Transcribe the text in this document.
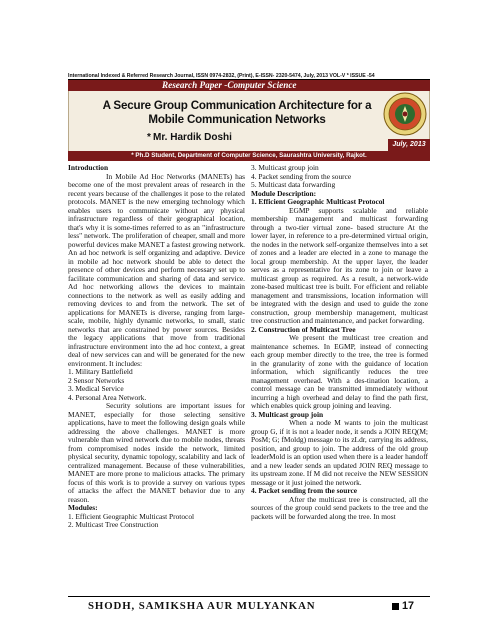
International Indexed & Referred Research Journal, ISSN 0974-2832, (Print), E-ISSN- 2320-5474, July, 2013 VOL-V * ISSUE -54
Research Paper -Computer Science
A Secure Group Communication Architecture for a Mobile Communication Networks
* Mr. Hardik Doshi
July, 2013
* Ph.D Student, Department of Computer Science, Saurashtra University, Rajkot.

Introduction

In Mobile Ad Hoc Networks (MANETs) has become one of the most prevalent areas of research in the recent years because of the challenges it pose to the related protocols. MANET is the new emerging technology which enables users to communicate without any physical infrastructure regardless of their geographical location, that's why it is some-times referred to as an "infrastructure less" network. The proliferation of cheaper, small and more powerful devices make MANET a fastest growing network. An ad hoc network is self organizing and adaptive. Device in mobile ad hoc network should be able to detect the presence of other devices and perform necessary set up to facilitate communication and sharing of data and service. Ad hoc networking allows the devices to maintain connections to the network as well as easily adding and removing devices to and from the network. The set of applications for MANETs is diverse, ranging from large-scale, mobile, highly dynamic networks, to small, static networks that are constrained by power sources. Besides the legacy applications that move from traditional infrastructure environment into the ad hoc context, a great deal of new services can and will be generated for the new environment. It includes:

1. Military Battlefield

2 Sensor Networks

3. Medical Service

4. Personal Area Network.

Security solutions are important issues for MANET, especially for those selecting sensitive applications, have to meet the following design goals while addressing the above challenges. MANET is more vulnerable than wired network due to mobile nodes, threats from compromised nodes inside the network, limited physical security, dynamic topology, scalability and lack of centralized management. Because of these vulnerabilities, MANET are more prone to malicious attacks. The primary focus of this work is to provide a survey on various types of attacks the affect the MANET behavior due to any reason.

Modules:

1. Efficient Geographic Multicast Protocol

2. Multicast Tree Construction

3. Multicast group join

4. Packet sending from the source

5. Multicast data forwarding

Module Description:

1. Efficient Geographic Multicast Protocol

EGMP supports scalable and reliable membership management and multicast forwarding through a two-tier virtual zone- based structure At the lower layer, in reference to a pre-determined virtual origin, the nodes in the network self-organize themselves into a set of zones and a leader are elected in a zone to manage the local group membership. At the upper layer, the leader serves as a representative for its zone to join or leave a multicast group as required. As a result, a network-wide zone-based multicast tree is built. For efficient and reliable management and transmissions, location information will be integrated with the design and used to guide the zone construction, group membership management, multicast tree construction and maintenance, and packet forwarding.

2. Construction of Multicast Tree

We present the multicast tree creation and maintenance schemes. In EGMP, instead of connecting each group member directly to the tree, the tree is formed in the granularity of zone with the guidance of location information, which significantly reduces the tree management overhead. With a des-tination location, a control message can be transmitted immediately without incurring a high overhead and delay to find the path first, which enables quick group joining and leaving.

3. Multicast group join

When a node M wants to join the multicast group G, if it is not a leader node, it sends a JOIN REQ(M; PosM; G; fMoldg) message to its zLdr, carrying its address, position, and group to join. The address of the old group leaderMold is an option used when there is a leader handoff and a new leader sends an updated JOIN REQ message to its upstream zone. If M did not receive the NEW SESSION message or it just joined the network.

4. Packet sending from the source

After the multicast tree is constructed, all the sources of the group could send packets to the tree and the packets will be forwarded along the tree. In most

SHODH, SAMIKSHA AUR MULYANKAN	17
